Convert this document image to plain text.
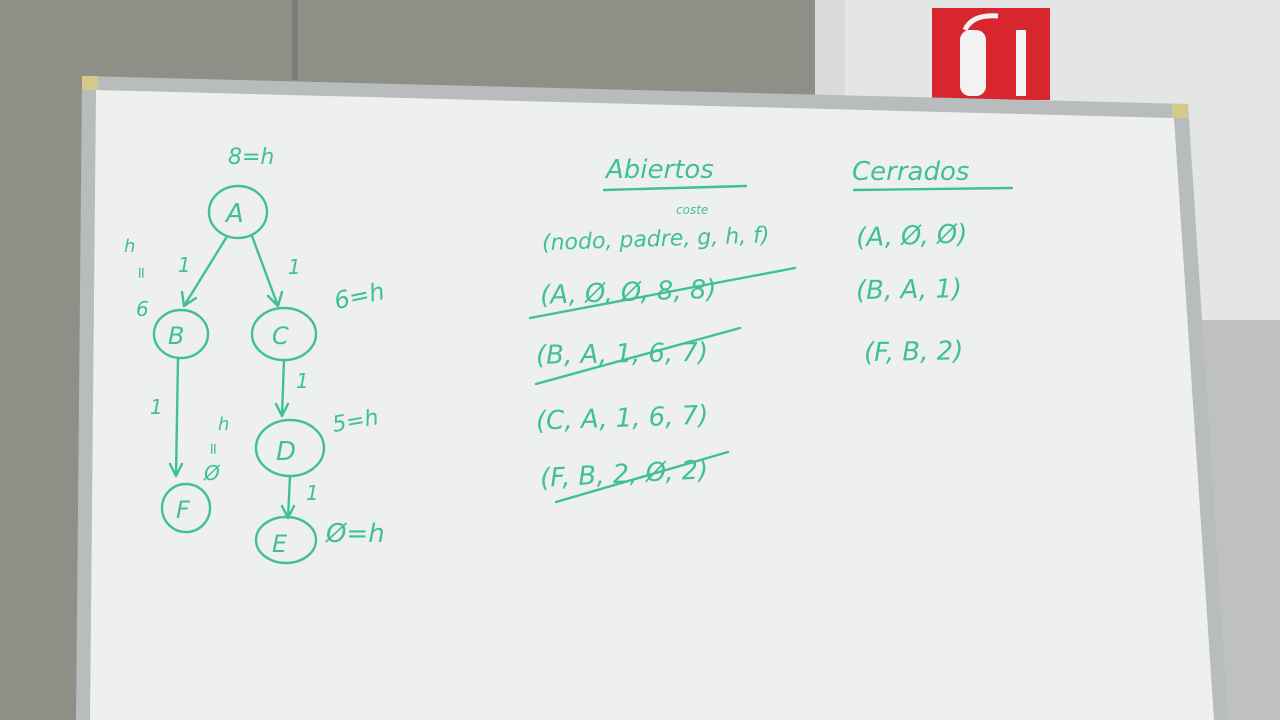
8=h
A
1	1
h
=
6
B
6=h
C
1
1
5=h
D
h
=
Ø
F
1
E Ø=h
Abiertos
coste
(nodo, padre, g, h, f)
(A, Ø, Ø, 8, 8)
(B, A, 1, 6, 7)
(C, A, 1, 6, 7)
(F, B, 2, Ø, 2)
Cerrados
(A, Ø, Ø)
(B, A, 1)
(F, B, 2)
